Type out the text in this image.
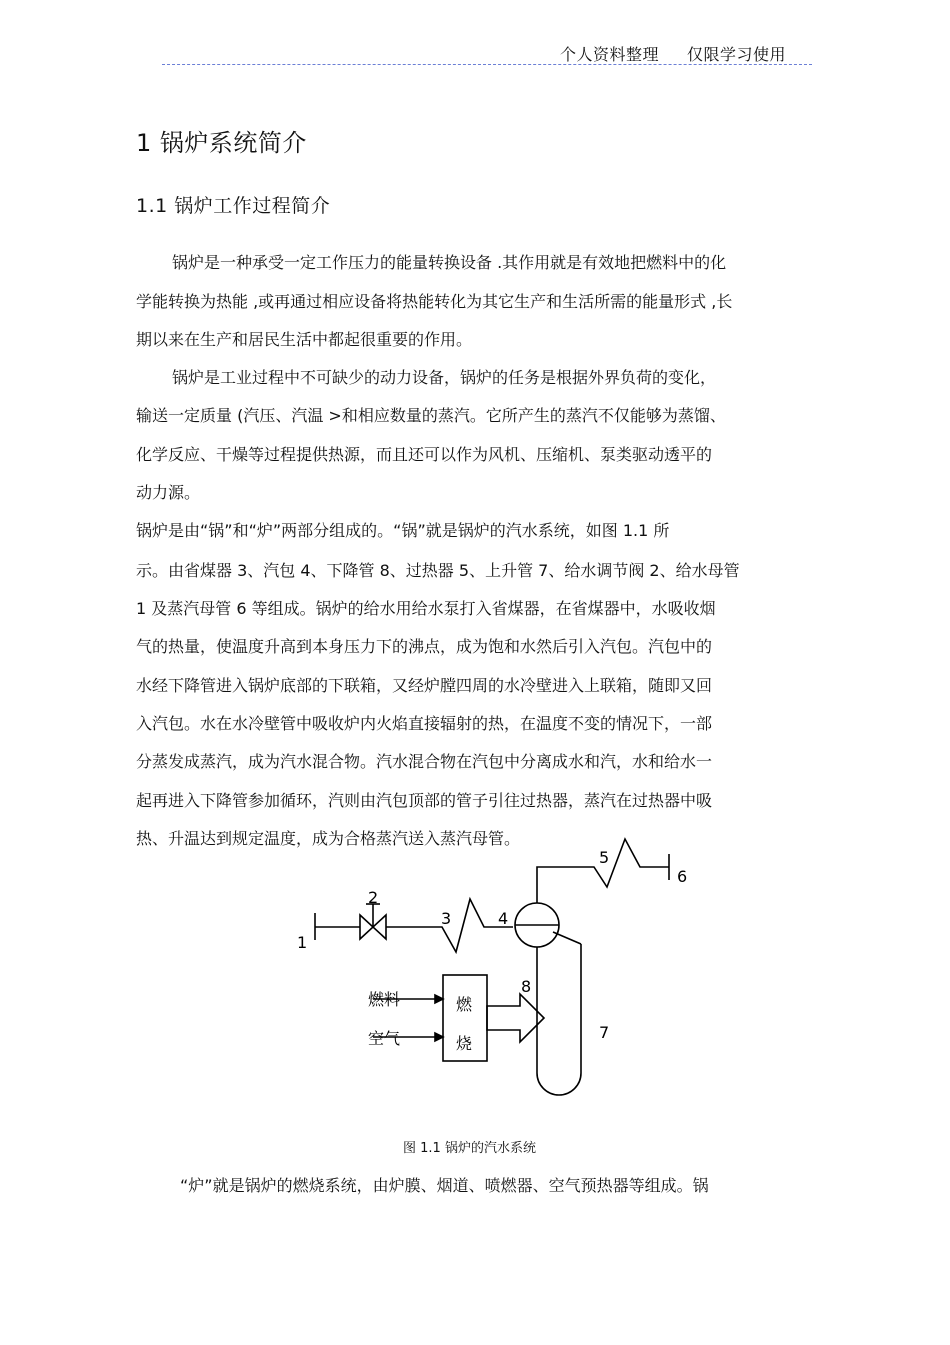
个人资料整理 仅限学习使用
1 锅炉系统简介
1.1 锅炉工作过程简介
锅炉是一种承受一定工作压力的能量转换设备 .其作用就是有效地把燃料中的化
学能转换为热能 ,或再通过相应设备将热能转化为其它生产和生活所需的能量形式 ,长
期以来在生产和居民生活中都起很重要的作用。
锅炉是工业过程中不可缺少的动力设备，锅炉的任务是根据外界负荷的变化，
输送一定质量 (汽压、汽温 >和相应数量的蒸汽。它所产生的蒸汽不仅能够为蒸馏、
化学反应、干燥等过程提供热源，而且还可以作为风机、压缩机、泵类驱动透平的
动力源。
锅炉是由“锅”和“炉”两部分组成的。“锅”就是锅炉的汽水系统，如图 1.1 所
示。由省煤器 3、汽包 4、下降管 8、过热器 5、上升管 7、给水调节阀 2、给水母管
1 及蒸汽母管 6 等组成。锅炉的给水用给水泵打入省煤器，在省煤器中，水吸收烟
气的热量，使温度升高到本身压力下的沸点，成为饱和水然后引入汽包。汽包中的
水经下降管进入锅炉底部的下联箱，又经炉膛四周的水冷壁进入上联箱，随即又回
入汽包。水在水冷壁管中吸收炉内火焰直接辐射的热，在温度不变的情况下，一部
分蒸发成蒸汽，成为汽水混合物。汽水混合物在汽包中分离成水和汽，水和给水一
起再进入下降管参加循环，汽则由汽包顶部的管子引往过热器，蒸汽在过热器中吸
热、升温达到规定温度，成为合格蒸汽送入蒸汽母管。
1
2
3	4
5
6
7
8
燃料
空气
燃
烧
图 1.1 锅炉的汽水系统
“炉”就是锅炉的燃烧系统，由炉膜、烟道、喷燃器、空气预热器等组成。锅
